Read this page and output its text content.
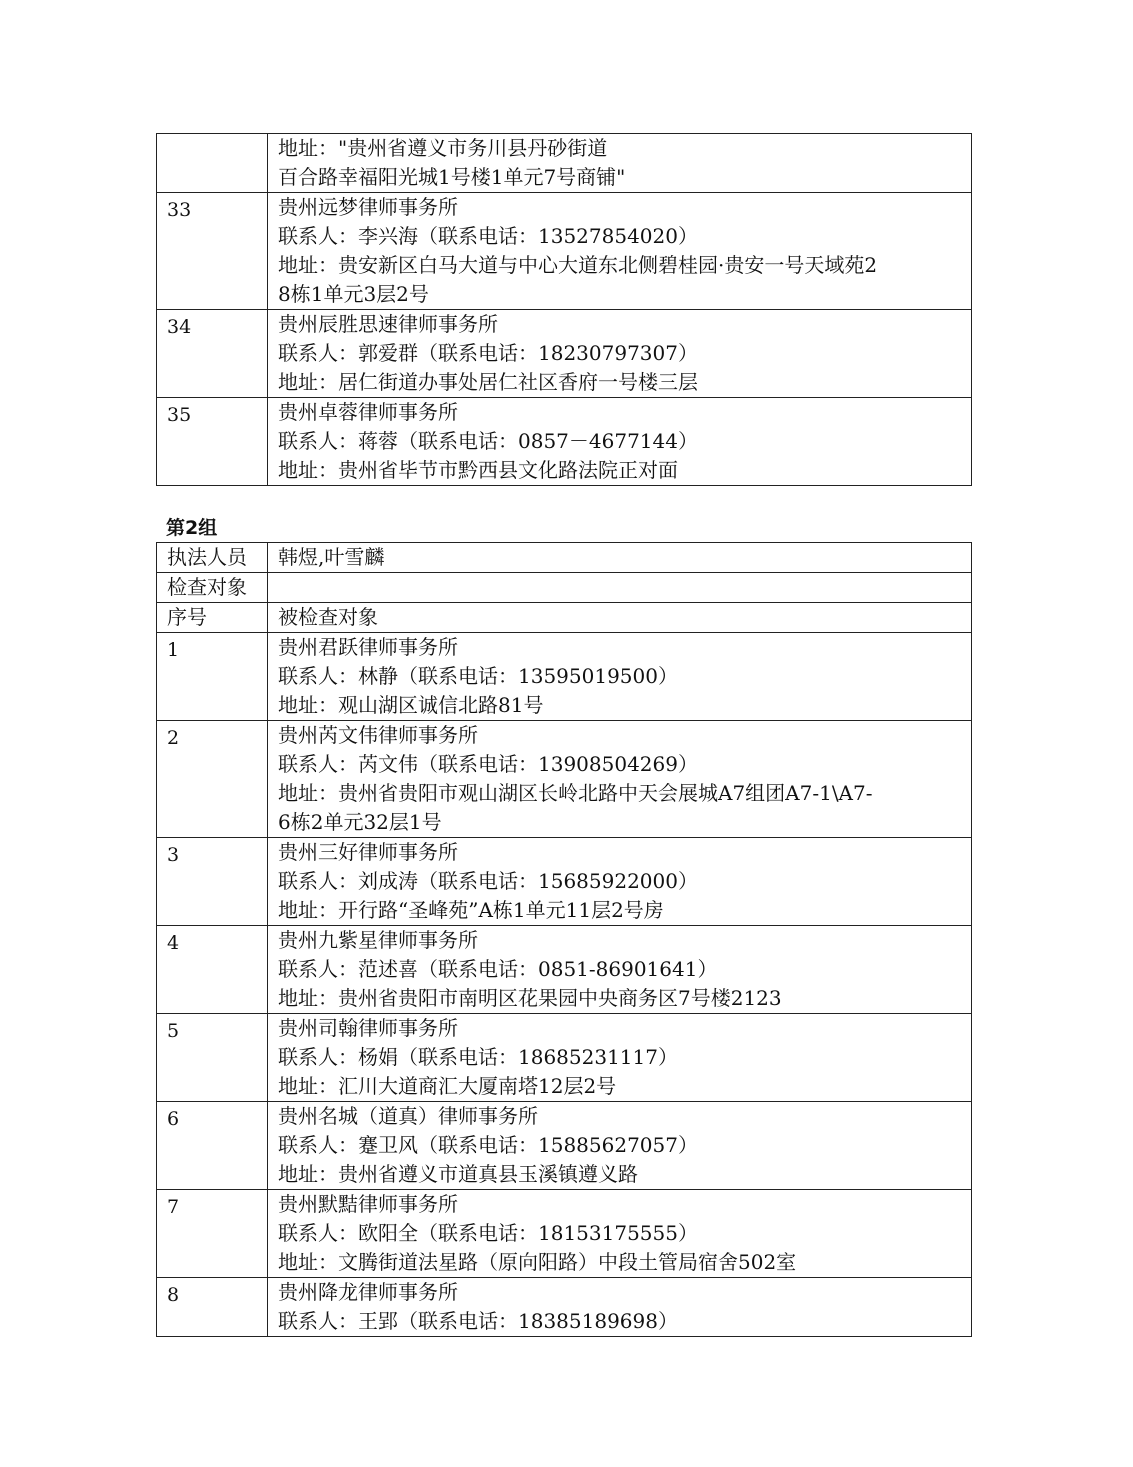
	地址："贵州省遵义市务川县丹砂街道
百合路幸福阳光城1号楼1单元7号商铺"

33	贵州远梦律师事务所
联系人：李兴海（联系电话：13527854020）
地址：贵安新区白马大道与中心大道东北侧碧桂园·贵安一号天域苑2
8栋1单元3层2号

34	贵州辰胜思速律师事务所
联系人：郭爱群（联系电话：18230797307）
地址：居仁街道办事处居仁社区香府一号楼三层

35	贵州卓蓉律师事务所
联系人：蒋蓉（联系电话：0857－4677144）
地址：贵州省毕节市黔西县文化路法院正对面
第2组
执法人员	韩煜,叶雪麟
检查对象	
序号	被检查对象

1	贵州君跃律师事务所
联系人：林静（联系电话：13595019500）
地址：观山湖区诚信北路81号

2	贵州芮文伟律师事务所
联系人：芮文伟（联系电话：13908504269）
地址：贵州省贵阳市观山湖区长岭北路中天会展城A7组团A7-1\A7-
6栋2单元32层1号

3	贵州三好律师事务所
联系人：刘成涛（联系电话：15685922000）
地址：开行路“圣峰苑”A栋1单元11层2号房

4	贵州九紫星律师事务所
联系人：范述喜（联系电话：0851-86901641）
地址：贵州省贵阳市南明区花果园中央商务区7号楼2123

5	贵州司翰律师事务所
联系人：杨娟（联系电话：18685231117）
地址：汇川大道商汇大厦南塔12层2号

6	贵州名城（道真）律师事务所
联系人：蹇卫风（联系电话：15885627057）
地址：贵州省遵义市道真县玉溪镇遵义路

7	贵州默黠律师事务所
联系人：欧阳全（联系电话：18153175555）
地址：文腾街道法星路（原向阳路）中段土管局宿舍502室

8	贵州降龙律师事务所
联系人：王郢（联系电话：18385189698）
